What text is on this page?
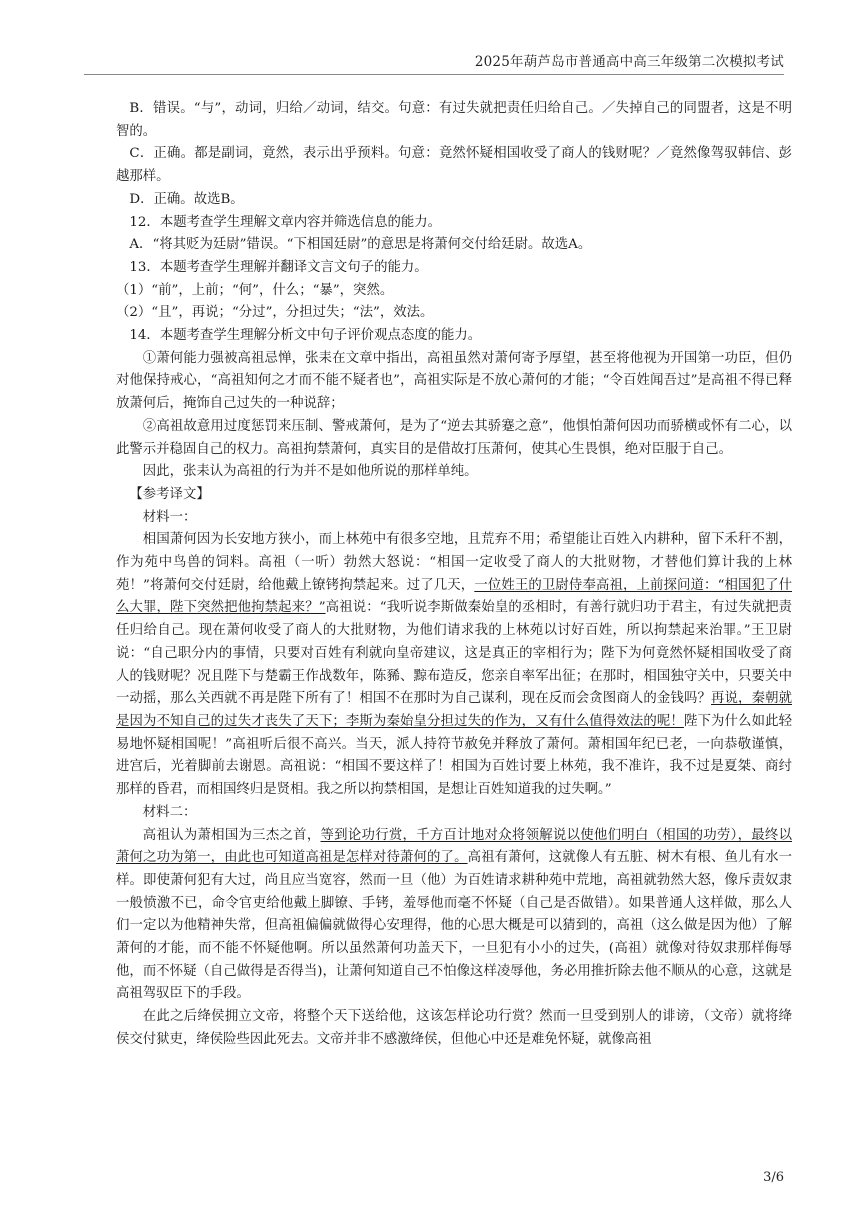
2025年葫芦岛市普通高中高三年级第二次模拟考试

B．错误。“与”，动词，归给／动词，结交。句意：有过失就把责任归给自己。／失掉自己的同盟者，这是不明智的。

C．正确。都是副词，竟然，表示出乎预料。句意：竟然怀疑相国收受了商人的钱财呢？／竟然像驾驭韩信、彭越那样。

D．正确。故选B。

12．本题考查学生理解文章内容并筛选信息的能力。

A．“将其贬为廷尉”错误。“下相国廷尉”的意思是将萧何交付给廷尉。故选A。

13．本题考查学生理解并翻译文言文句子的能力。

（1）“前”，上前；“何”，什么；“暴”，突然。

（2）“且”，再说；“分过”，分担过失；“法”，效法。

14．本题考查学生理解分析文中句子评价观点态度的能力。

①萧何能力强被高祖忌惮，张耒在文章中指出，高祖虽然对萧何寄予厚望，甚至将他视为开国第一功臣，但仍对他保持戒心，“高祖知何之才而不能不疑者也”，高祖实际是不放心萧何的才能；“令百姓闻吾过”是高祖不得已释放萧何后，掩饰自己过失的一种说辞；

②高祖故意用过度惩罚来压制、警戒萧何，是为了“逆去其骄蹇之意”，他惧怕萧何因功而骄横或怀有二心，以此警示并稳固自己的权力。高祖拘禁萧何，真实目的是借故打压萧何，使其心生畏惧，绝对臣服于自己。

因此，张耒认为高祖的行为并不是如他所说的那样单纯。

【参考译文】

材料一：

相国萧何因为长安地方狭小，而上林苑中有很多空地，且荒弃不用；希望能让百姓入内耕种，留下禾秆不割，作为苑中鸟兽的饲料。高祖（一听）勃然大怒说：“相国一定收受了商人的大批财物，才替他们算计我的上林苑！”将萧何交付廷尉，给他戴上镣铐拘禁起来。过了几天，一位姓王的卫尉侍奉高祖，上前探问道：“相国犯了什么大罪，陛下突然把他拘禁起来？”高祖说：“我听说李斯做秦始皇的丞相时，有善行就归功于君主，有过失就把责任归给自己。现在萧何收受了商人的大批财物，为他们请求我的上林苑以讨好百姓，所以拘禁起来治罪。”王卫尉说：“自己职分内的事情，只要对百姓有利就向皇帝建议，这是真正的宰相行为；陛下为何竟然怀疑相国收受了商人的钱财呢？况且陛下与楚霸王作战数年，陈豨、黥布造反，您亲自率军出征；在那时，相国独守关中，只要关中一动摇，那么关西就不再是陛下所有了！相国不在那时为自己谋利，现在反而会贪图商人的金钱吗？再说，秦朝就是因为不知自己的过失才丧失了天下；李斯为秦始皇分担过失的作为，又有什么值得效法的呢！陛下为什么如此轻易地怀疑相国呢！”高祖听后很不高兴。当天，派人持符节赦免并释放了萧何。萧相国年纪已老，一向恭敬谨慎，进宫后，光着脚前去谢恩。高祖说：“相国不要这样了！相国为百姓讨要上林苑，我不准许，我不过是夏桀、商纣那样的昏君，而相国终归是贤相。我之所以拘禁相国，是想让百姓知道我的过失啊。”

材料二：

高祖认为萧相国为三杰之首，等到论功行赏，千方百计地对众将领解说以使他们明白（相国的功劳），最终以萧何之功为第一，由此也可知道高祖是怎样对待萧何的了。高祖有萧何，这就像人有五脏、树木有根、鱼儿有水一样。即使萧何犯有大过，尚且应当宽容，然而一旦（他）为百姓请求耕种苑中荒地，高祖就勃然大怒，像斥责奴隶一般愤激不已，命令官吏给他戴上脚镣、手铐，羞辱他而毫不怀疑（自己是否做错）。如果普通人这样做，那么人们一定以为他精神失常，但高祖偏偏就做得心安理得，他的心思大概是可以猜到的，高祖（这么做是因为他）了解萧何的才能，而不能不怀疑他啊。所以虽然萧何功盖天下，一旦犯有小小的过失，(高祖）就像对待奴隶那样侮辱他，而不怀疑（自己做得是否得当)，让萧何知道自己不怕像这样凌辱他，务必用推折除去他不顺从的心意，这就是高祖驾驭臣下的手段。

在此之后绛侯拥立文帝，将整个天下送给他，这该怎样论功行赏？然而一旦受到别人的诽谤，（文帝）就将绛侯交付狱吏，绛侯险些因此死去。文帝并非不感激绛侯，但他心中还是难免怀疑，就像高祖

3/6
